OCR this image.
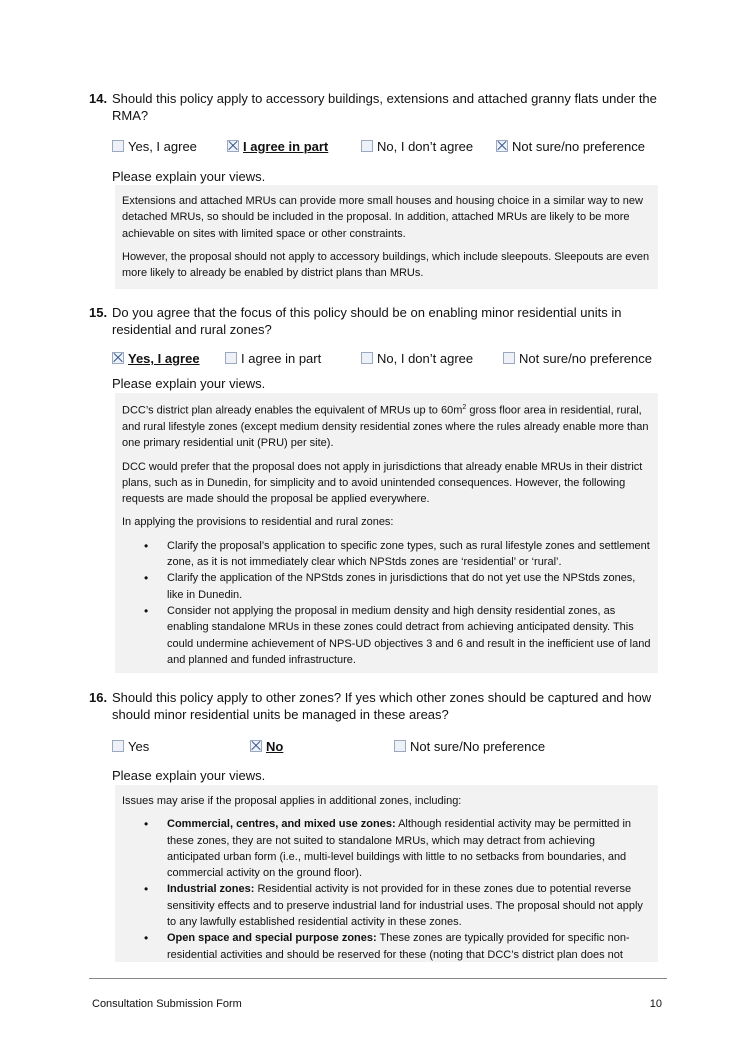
14. Should this policy apply to accessory buildings, extensions and attached granny flats under the RMA?
Yes, I agree	I agree in part	No, I don’t agree	Not sure/no preference
Please explain your views.

Extensions and attached MRUs can provide more small houses and housing choice in a similar way to new detached MRUs, so should be included in the proposal. In addition, attached MRUs are likely to be more achievable on sites with limited space or other constraints.

However, the proposal should not apply to accessory buildings, which include sleepouts. Sleepouts are even more likely to already be enabled by district plans than MRUs.

15. Do you agree that the focus of this policy should be on enabling minor residential units in residential and rural zones?
Yes, I agree	I agree in part	No, I don’t agree	Not sure/no preference
Please explain your views.

DCC’s district plan already enables the equivalent of MRUs up to $60m^2$ gross floor area in residential, rural, and rural lifestyle zones (except medium density residential zones where the rules already enable more than one primary residential unit (PRU) per site).

DCC would prefer that the proposal does not apply in jurisdictions that already enable MRUs in their district plans, such as in Dunedin, for simplicity and to avoid unintended consequences. However, the following requests are made should the proposal be applied everywhere.

In applying the provisions to residential and rural zones:

• Clarify the proposal’s application to specific zone types, such as rural lifestyle zones and settlement zone, as it is not immediately clear which NPStds zones are ‘residential’ or ‘rural’.
• Clarify the application of the NPStds zones in jurisdictions that do not yet use the NPStds zones, like in Dunedin.
• Consider not applying the proposal in medium density and high density residential zones, as enabling standalone MRUs in these zones could detract from achieving anticipated density. This could undermine achievement of NPS-UD objectives 3 and 6 and result in the inefficient use of land and planned and funded infrastructure.
16. Should this policy apply to other zones? If yes which other zones should be captured and how should minor residential units be managed in these areas?
Yes	No	Not sure/No preference
Please explain your views.

Issues may arise if the proposal applies in additional zones, including:

• Commercial, centres, and mixed use zones: Although residential activity may be permitted in these zones, they are not suited to standalone MRUs, which may detract from achieving anticipated urban form (i.e., multi-level buildings with little to no setbacks from boundaries, and commercial activity on the ground floor).
• Industrial zones: Residential activity is not provided for in these zones due to potential reverse sensitivity effects and to preserve industrial land for industrial uses. The proposal should not apply to any lawfully established residential activity in these zones.
• Open space and special purpose zones: These zones are typically provided for specific non-residential activities and should be reserved for these (noting that DCC’s district plan does not
Consultation Submission Form	10
